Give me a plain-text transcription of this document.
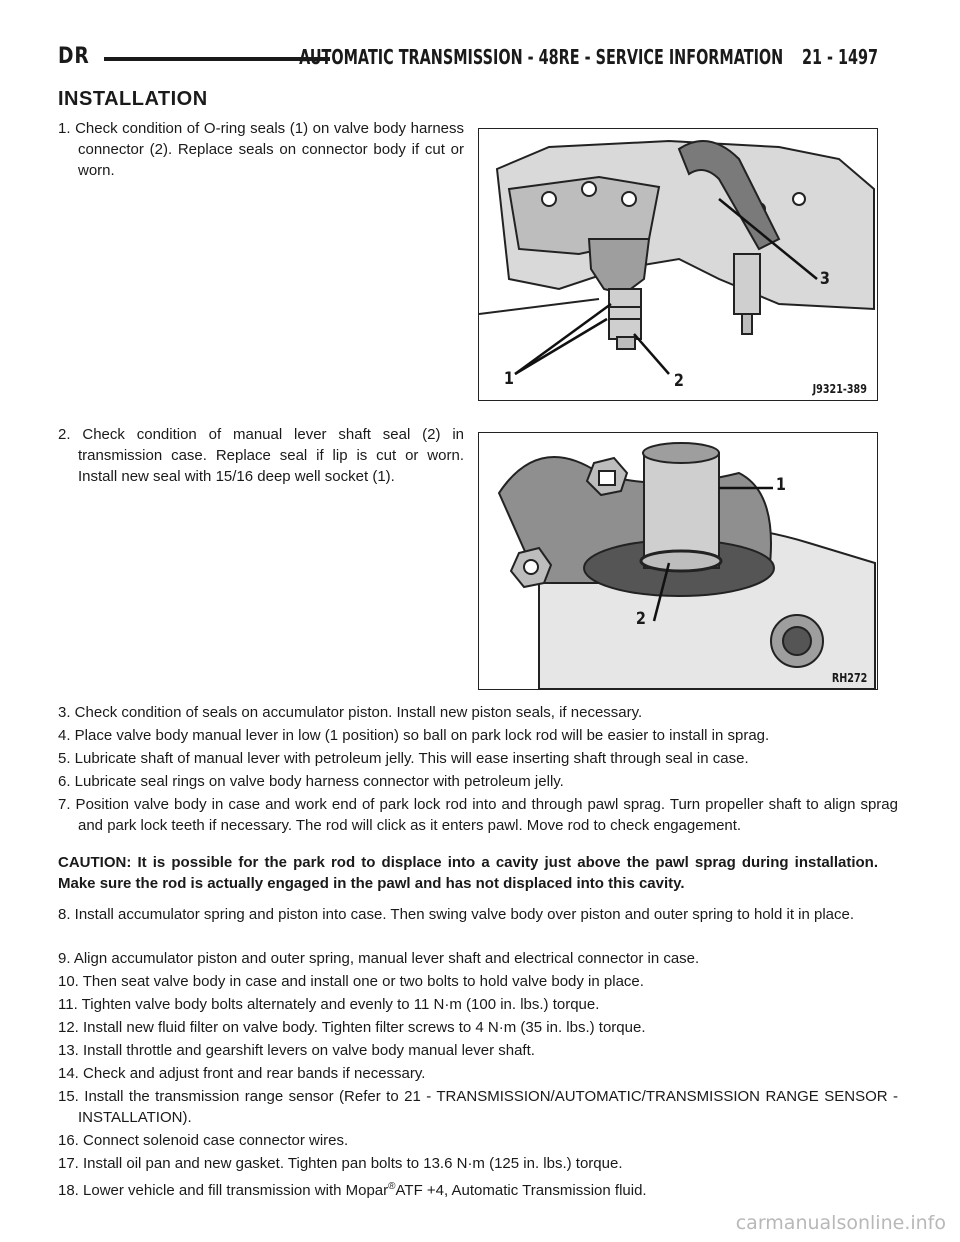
DR	AUTOMATIC TRANSMISSION - 48RE - SERVICE INFORMATION 21 - 1497
INSTALLATION

1. Check condition of O-ring seals (1) on valve body harness connector (2). Replace seals on connector body if cut or worn.

1	2
3
J9321-389

2. Check condition of manual lever shaft seal (2) in transmission case. Replace seal if lip is cut or worn. Install new seal with 15/16 deep well socket (1).	1
2
RH272

3. Check condition of seals on accumulator piston. Install new piston seals, if necessary.

4. Place valve body manual lever in low (1 position) so ball on park lock rod will be easier to install in sprag.

5. Lubricate shaft of manual lever with petroleum jelly. This will ease inserting shaft through seal in case.

6. Lubricate seal rings on valve body harness connector with petroleum jelly.

7. Position valve body in case and work end of park lock rod into and through pawl sprag. Turn propeller shaft to align sprag and park lock teeth if necessary. The rod will click as it enters pawl. Move rod to check engagement.

CAUTION: It is possible for the park rod to displace into a cavity just above the pawl sprag during installation. Make sure the rod is actually engaged in the pawl and has not displaced into this cavity.

8. Install accumulator spring and piston into case. Then swing valve body over piston and outer spring to hold it in place.

9. Align accumulator piston and outer spring, manual lever shaft and electrical connector in case.

10. Then seat valve body in case and install one or two bolts to hold valve body in place.

11. Tighten valve body bolts alternately and evenly to 11 N·m (100 in. lbs.) torque.

12. Install new fluid filter on valve body. Tighten filter screws to 4 N·m (35 in. lbs.) torque.

13. Install throttle and gearshift levers on valve body manual lever shaft.

14. Check and adjust front and rear bands if necessary.

15. Install the transmission range sensor (Refer to 21 - TRANSMISSION/AUTOMATIC/TRANSMISSION RANGE SENSOR - INSTALLATION).

16. Connect solenoid case connector wires.

17. Install oil pan and new gasket. Tighten pan bolts to 13.6 N·m (125 in. lbs.) torque.

18. Lower vehicle and fill transmission with Mopar®ATF +4, Automatic Transmission fluid.

carmanualsonline.info
